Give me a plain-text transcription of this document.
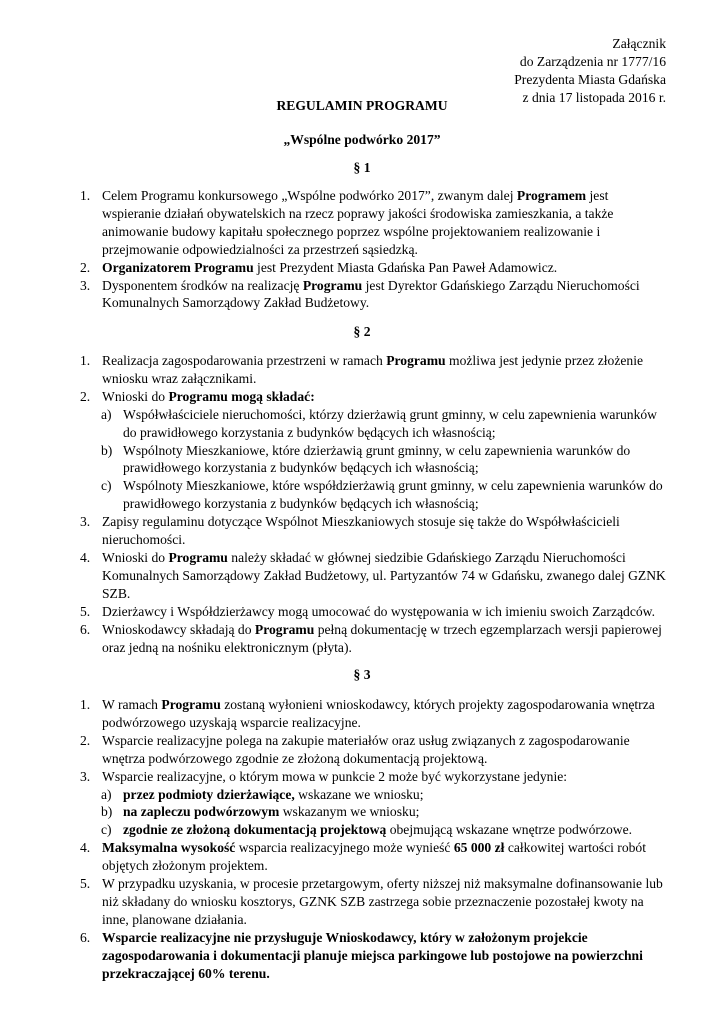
Załącznik
do Zarządzenia nr 1777/16
Prezydenta Miasta Gdańska
z dnia 17 listopada 2016 r.
REGULAMIN PROGRAMU
„Wspólne podwórko 2017”
§ 1

1. Celem Programu konkursowego „Wspólne podwórko 2017”, zwanym dalej Programem jest wspieranie działań obywatelskich na rzecz poprawy jakości środowiska zamieszkania, a także animowanie budowy kapitału społecznego poprzez wspólne projektowaniem realizowanie i przejmowanie odpowiedzialności za przestrzeń sąsiedzką.

2. Organizatorem Programu jest Prezydent Miasta Gdańska Pan Paweł Adamowicz.

3. Dysponentem środków na realizację Programu jest Dyrektor Gdańskiego Zarządu Nieruchomości Komunalnych Samorządowy Zakład Budżetowy.

§ 2

1. Realizacja zagospodarowania przestrzeni w ramach Programu możliwa jest jedynie przez złożenie wniosku wraz załącznikami.

2. Wnioski do Programu mogą składać:

a) Współwłaściciele nieruchomości, którzy dzierżawią grunt gminny, w celu zapewnienia warunków do prawidłowego korzystania z budynków będących ich własnością;

b) Wspólnoty Mieszkaniowe, które dzierżawią grunt gminny, w celu zapewnienia warunków do prawidłowego korzystania z budynków będących ich własnością;

c) Wspólnoty Mieszkaniowe, które współdzierżawią grunt gminny, w celu zapewnienia warunków do prawidłowego korzystania z budynków będących ich własnością;

3. Zapisy regulaminu dotyczące Wspólnot Mieszkaniowych stosuje się także do Współwłaścicieli nieruchomości.

4. Wnioski do Programu należy składać w głównej siedzibie Gdańskiego Zarządu Nieruchomości Komunalnych Samorządowy Zakład Budżetowy, ul. Partyzantów 74 w Gdańsku, zwanego dalej GZNK SZB.

5. Dzierżawcy i Współdzierżawcy mogą umocować do występowania w ich imieniu swoich Zarządców.

6. Wnioskodawcy składają do Programu pełną dokumentację w trzech egzemplarzach wersji papierowej oraz jedną na nośniku elektronicznym (płyta).

§ 3

1. W ramach Programu zostaną wyłonieni wnioskodawcy, których projekty zagospodarowania wnętrza podwórzowego uzyskają wsparcie realizacyjne.

2. Wsparcie realizacyjne polega na zakupie materiałów oraz usług związanych z zagospodarowanie wnętrza podwórzowego zgodnie ze złożoną dokumentacją projektową.

3. Wsparcie realizacyjne, o którym mowa w punkcie 2 może być wykorzystane jedynie:

a) przez podmioty dzierżawiące, wskazane we wniosku;

b) na zapleczu podwórzowym wskazanym we wniosku;

c) zgodnie ze złożoną dokumentacją projektową obejmującą wskazane wnętrze podwórzowe.

4. Maksymalna wysokość wsparcia realizacyjnego może wynieść 65 000 zł całkowitej wartości robót objętych złożonym projektem.

5. W przypadku uzyskania, w procesie przetargowym, oferty niższej niż maksymalne dofinansowanie lub niż składany do wniosku kosztorys, GZNK SZB zastrzega sobie przeznaczenie pozostałej kwoty na inne, planowane działania.

6. Wsparcie realizacyjne nie przysługuje Wnioskodawcy, który w założonym projekcie zagospodarowania i dokumentacji planuje miejsca parkingowe lub postojowe na powierzchni przekraczającej 60% terenu.
